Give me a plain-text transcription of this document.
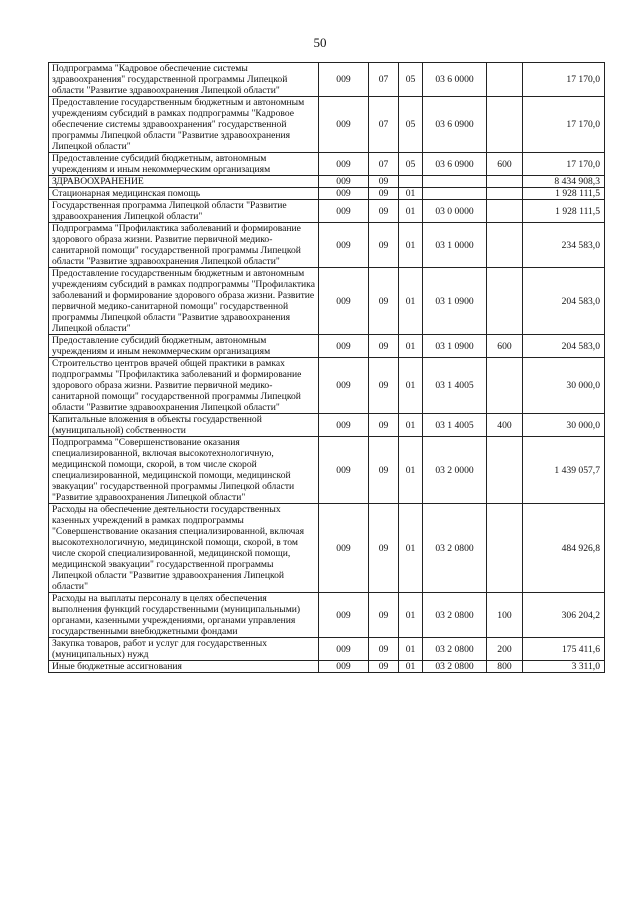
50
Подпрограмма "Кадровое обеспечение системы здравоохранения" государственной программы Липецкой области "Развитие здравоохранения Липецкой области"	009	07	05	03 6 0000		17 170,0
Предоставление государственным бюджетным и автономным учреждениям субсидий в рамках подпрограммы "Кадровое обеспечение системы здравоохранения" государственной программы Липецкой области "Развитие здравоохранения Липецкой области"	009	07	05	03 6 0900		17 170,0
Предоставление субсидий бюджетным, автономным учреждениям и иным некоммерческим организациям	009	07	05	03 6 0900	600	17 170,0
ЗДРАВООХРАНЕНИЕ	009	09				8 434 908,3
Стационарная медицинская помощь	009	09	01			1 928 111,5
Государственная программа Липецкой области "Развитие здравоохранения Липецкой области"	009	09	01	03 0 0000		1 928 111,5
Подпрограмма "Профилактика заболеваний и формирование здорового образа жизни. Развитие первичной медико-санитарной помощи" государственной программы Липецкой области "Развитие здравоохранения Липецкой области"	009	09	01	03 1 0000		234 583,0
Предоставление государственным бюджетным и автономным учреждениям субсидий в рамках подпрограммы "Профилактика заболеваний и формирование здорового образа жизни. Развитие первичной медико-санитарной помощи" государственной программы Липецкой области "Развитие здравоохранения Липецкой области"	009	09	01	03 1 0900		204 583,0
Предоставление субсидий бюджетным, автономным учреждениям и иным некоммерческим организациям	009	09	01	03 1 0900	600	204 583,0
Строительство центров врачей общей практики в рамках подпрограммы "Профилактика заболеваний и формирование здорового образа жизни. Развитие первичной медико-санитарной помощи" государственной программы Липецкой области "Развитие здравоохранения Липецкой области"	009	09	01	03 1 4005		30 000,0
Капитальные вложения в объекты государственной (муниципальной) собственности	009	09	01	03 1 4005	400	30 000,0
Подпрограмма "Совершенствование оказания специализированной, включая высокотехнологичную, медицинской помощи, скорой, в том числе скорой специализированной, медицинской помощи, медицинской эвакуации" государственной программы Липецкой области "Развитие здравоохранения Липецкой области"	009	09	01	03 2 0000		1 439 057,7
Расходы на обеспечение деятельности государственных казенных учреждений в рамках подпрограммы "Совершенствование оказания специализированной, включая высокотехнологичную, медицинской помощи, скорой, в том числе скорой специализированной, медицинской помощи, медицинской эвакуации" государственной программы Липецкой области "Развитие здравоохранения Липецкой области"	009	09	01	03 2 0800		484 926,8
Расходы на выплаты персоналу в целях обеспечения выполнения функций государственными (муниципальными) органами, казенными учреждениями, органами управления государственными внебюджетными фондами	009	09	01	03 2 0800	100	306 204,2
Закупка товаров, работ и услуг для государственных (муниципальных) нужд	009	09	01	03 2 0800	200	175 411,6
Иные бюджетные ассигнования	009	09	01	03 2 0800	800	3 311,0
